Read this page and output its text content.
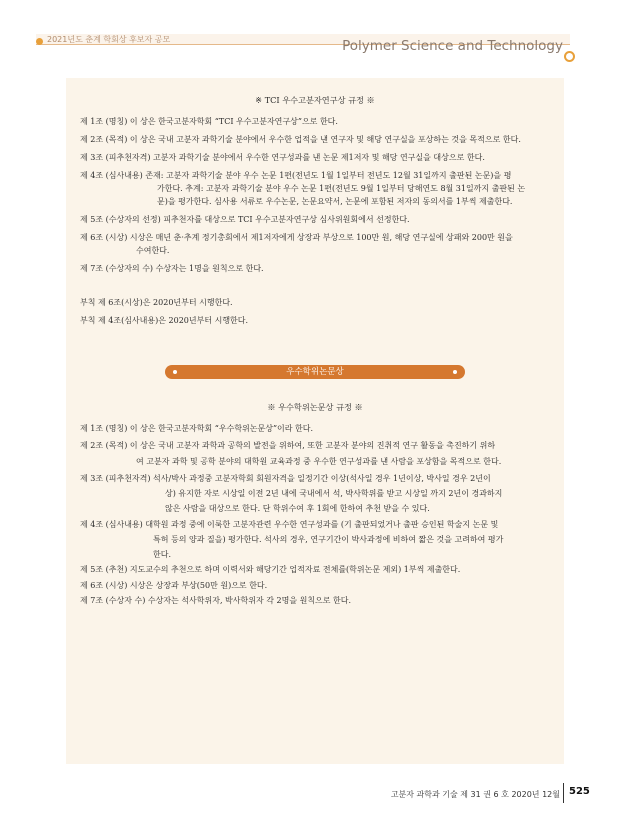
2021년도 춘계 학회상 후보자 공모	Polymer Science and Technology
※ TCI 우수고분자연구상 규정 ※
제 1조 (명칭) 이 상은 한국고분자학회 “TCI 우수고분자연구상”으로 한다.
제 2조 (목적) 이 상은 국내 고분자 과학기술 분야에서 우수한 업적을 낸 연구자 및 해당 연구실을 포상하는 것을 목적으로 한다.
제 3조 (피추천자격) 고분자 과학기술 분야에서 우수한 연구성과를 낸 논문 제1저자 및 해당 연구실을 대상으로 한다.
제 4조 (심사내용) 존재: 고분자 과학기술 분야 우수 논문 1편(전년도 1월 1일부터 전년도 12월 31일까지 출판된 논문)을 평
가한다. 추계: 고분자 과학기술 분야 우수 논문 1편(전년도 9월 1일부터 당해연도 8월 31일까지 출판된 논
문)을 평가한다. 심사용 서류로 우수논문, 논문요약서, 논문에 포함된 저자의 동의서를 1부씩 제출한다.
제 5조 (수상자의 선정) 피추천자를 대상으로 TCI 우수고분자연구상 심사위원회에서 선정한다.
제 6조 (시상) 시상은 매년 춘·추계 정기총회에서 제1저자에게 상장과 부상으로 100만 원, 해당 연구실에 상패와 200만 원을
수여한다.
제 7조 (수상자의 수) 수상자는 1명을 원칙으로 한다.
부칙 제 6조(시상)은 2020년부터 시행한다.
부칙 제 4조(심사내용)은 2020년부터 시행한다.
우수학위논문상
※ 우수학위논문상 규정 ※
제 1조 (명칭) 이 상은 한국고분자학회 “우수학위논문상”이라 한다.
제 2조 (목적) 이 상은 국내 고분자 과학과 공학의 발전을 위하여, 또한 고분자 분야의 진취적 연구 활동을 촉진하기 위하
여 고분자 과학 및 공학 분야의 대학원 교육과정 중 우수한 연구성과를 낸 사람을 포상함을 목적으로 한다.
제 3조 (피추천자격) 석사/박사 과정중 고분자학회 회원자격을 일정기간 이상(석사일 경우 1년이상, 박사일 경우 2년이
상) 유지한 자로 시상일 이전 2년 내에 국내에서 석, 박사학위를 받고 시상일 까지 2년이 경과하지
않은 사람을 대상으로 한다. 단 학위수여 후 1회에 한하여 추천 받을 수 있다.
제 4조 (심사내용) 대학원 과정 중에 이룩한 고분자관련 우수한 연구성과를 (기 출판되었거나 출판 승인된 학술지 논문 및
특허 등의 양과 질을) 평가한다. 석사의 경우, 연구기간이 박사과정에 비하여 짧은 것을 고려하여 평가
한다.
제 5조 (추천) 지도교수의 추천으로 하며 이력서와 해당기간 업적자료 전체를(학위논문 제외) 1부씩 제출한다.
제 6조 (시상) 시상은 상장과 부상(50만 원)으로 한다.
제 7조 (수상자 수) 수상자는 석사학위자, 박사학위자 각 2명을 원칙으로 한다.
고분자 과학과 기술 제 31 권 6 호 2020년 12월 525
